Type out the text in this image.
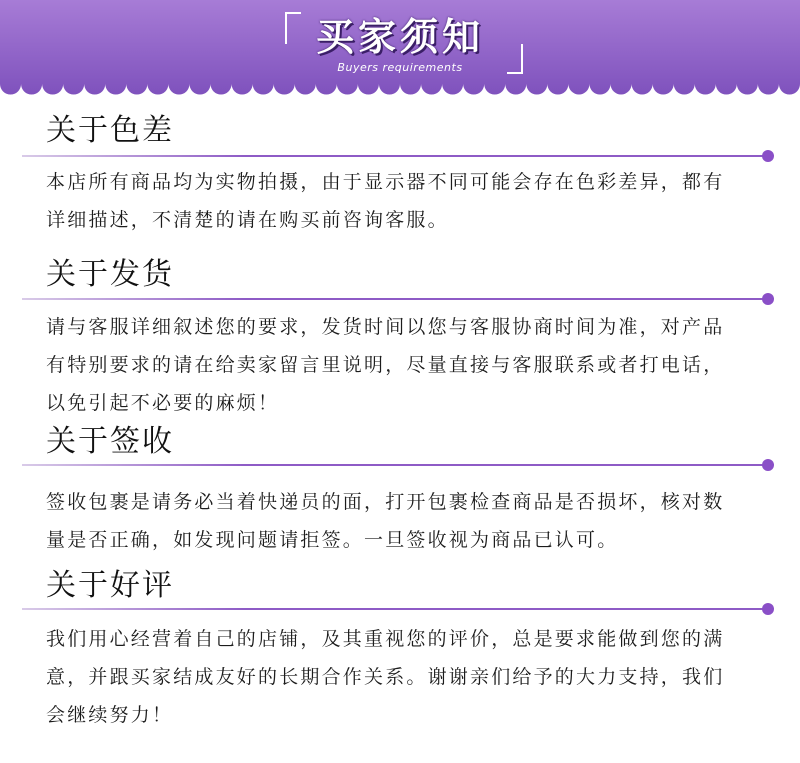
买家须知
Buyers requirements
关于色差
本店所有商品均为实物拍摄，由于显示器不同可能会存在色彩差异，都有
详细描述，不清楚的请在购买前咨询客服。
关于发货
请与客服详细叙述您的要求，发货时间以您与客服协商时间为准，对产品
有特别要求的请在给卖家留言里说明，尽量直接与客服联系或者打电话，
以免引起不必要的麻烦！
关于签收
签收包裹是请务必当着快递员的面，打开包裹检查商品是否损坏，核对数
量是否正确，如发现问题请拒签。一旦签收视为商品已认可。
关于好评
我们用心经营着自己的店铺，及其重视您的评价，总是要求能做到您的满
意，并跟买家结成友好的长期合作关系。谢谢亲们给予的大力支持，我们
会继续努力！
